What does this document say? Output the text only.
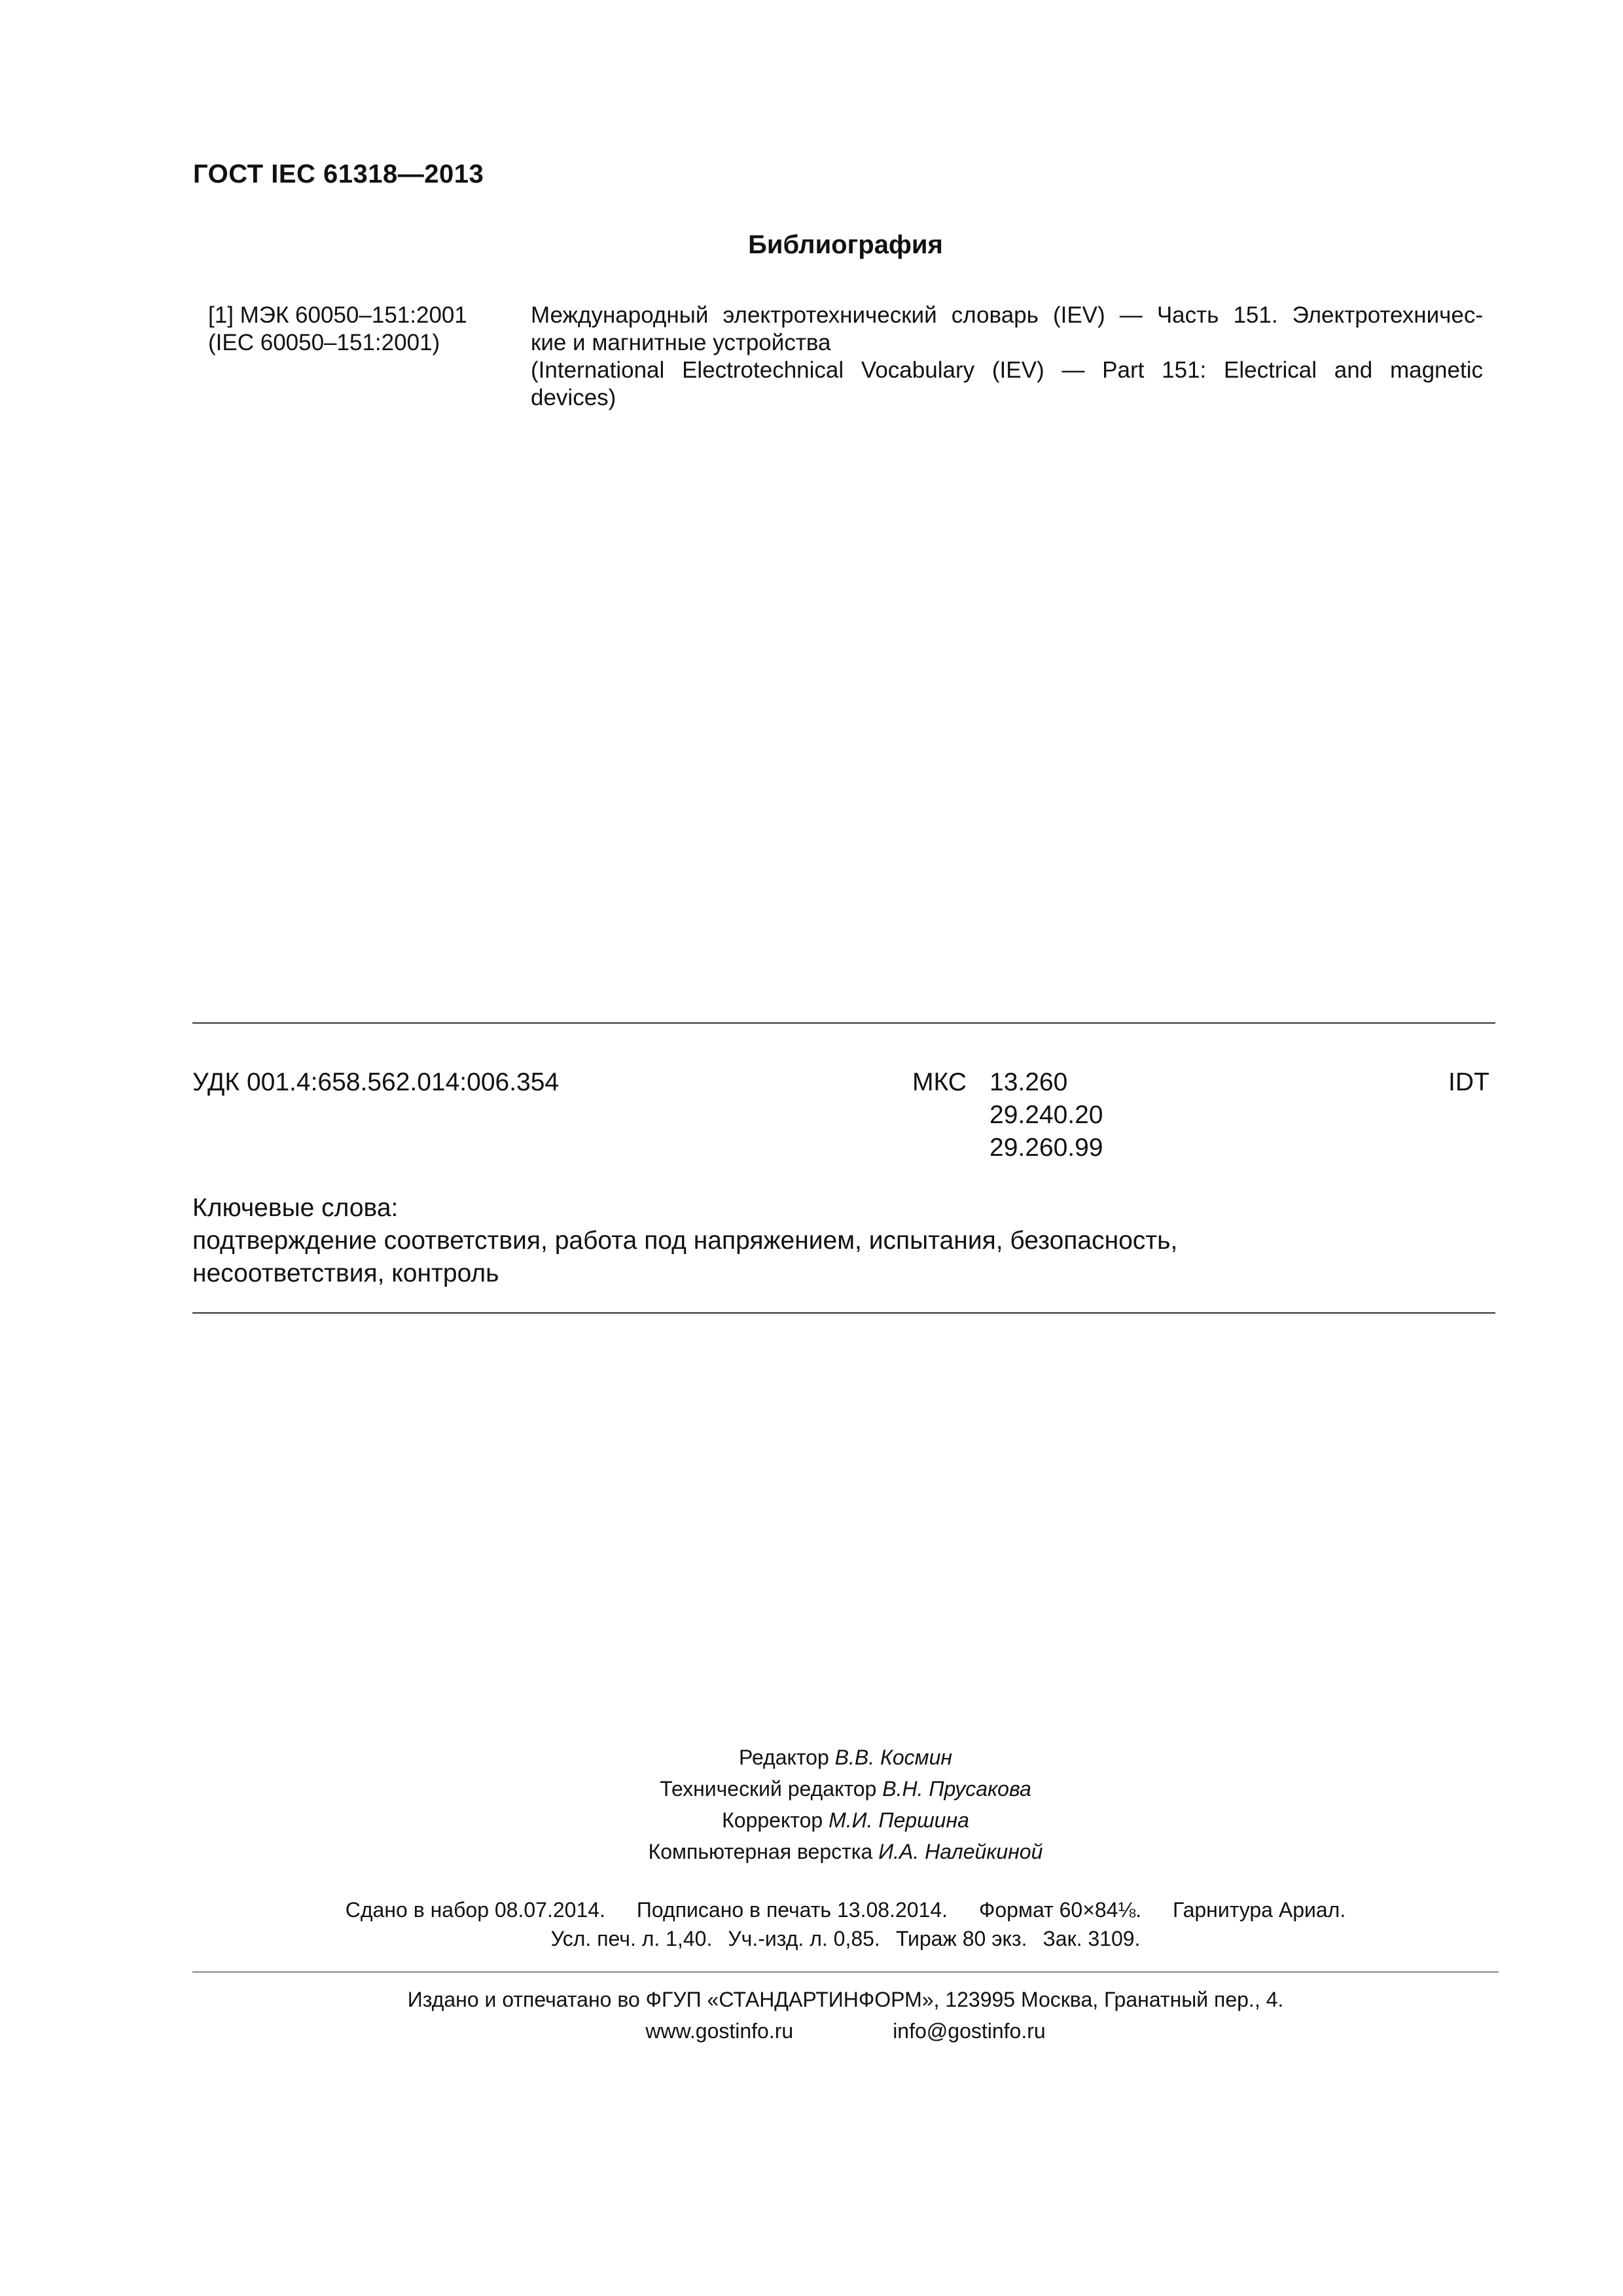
ГОСТ IEC 61318—2013
Библиография
[1] МЭК 60050–151:2001
(IEC 60050–151:2001)
Международный электротехнический словарь (IEV) — Часть 151. Электротехничес-
кие и магнитные устройства
(International Electrotechnical Vocabulary (IEV) — Part 151: Electrical and magnetic
devices)
УДК 001.4:658.562.014:006.354	МКС 13.260
29.240.20
29.260.99
IDT
Ключевые слова:
подтверждение соответствия, работа под напряжением, испытания, безопасность,
несоответствия, контроль
Редактор В.В. Космин
Технический редактор В.Н. Прусакова
Корректор М.И. Першина
Компьютерная верстка И.А. Налейкиной
Сдано в набор 08.07.2014. Подписано в печать 13.08.2014. Формат 60×84⅛. Гарнитура Ариал.
Усл. печ. л. 1,40. Уч.-изд. л. 0,85. Тираж 80 экз. Зак. 3109.
Издано и отпечатано во ФГУП «СТАНДАРТИНФОРМ», 123995 Москва, Гранатный пер., 4.
www.gostinfo.ru	info@gostinfo.ru
